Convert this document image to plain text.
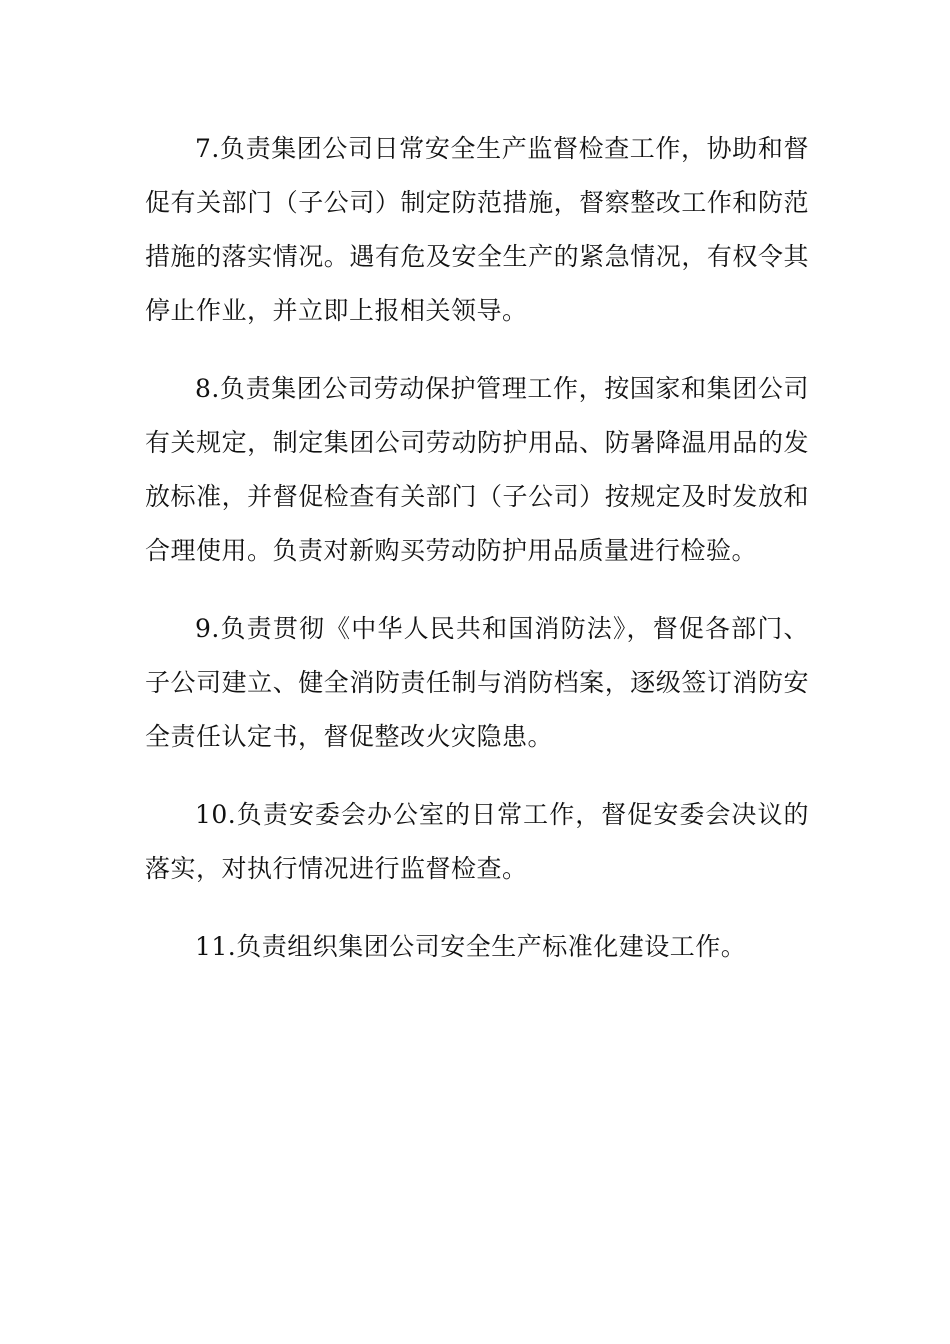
7.负责集团公司日常安全生产监督检查工作，协助和督促有关部门（子公司）制定防范措施，督察整改工作和防范措施的落实情况。遇有危及安全生产的紧急情况，有权令其停止作业，并立即上报相关领导。

8.负责集团公司劳动保护管理工作，按国家和集团公司有关规定，制定集团公司劳动防护用品、防暑降温用品的发放标准，并督促检查有关部门（子公司）按规定及时发放和合理使用。负责对新购买劳动防护用品质量进行检验。

9.负责贯彻《中华人民共和国消防法》，督促各部门、子公司建立、健全消防责任制与消防档案，逐级签订消防安全责任认定书，督促整改火灾隐患。

10.负责安委会办公室的日常工作，督促安委会决议的落实，对执行情况进行监督检查。

11.负责组织集团公司安全生产标准化建设工作。
